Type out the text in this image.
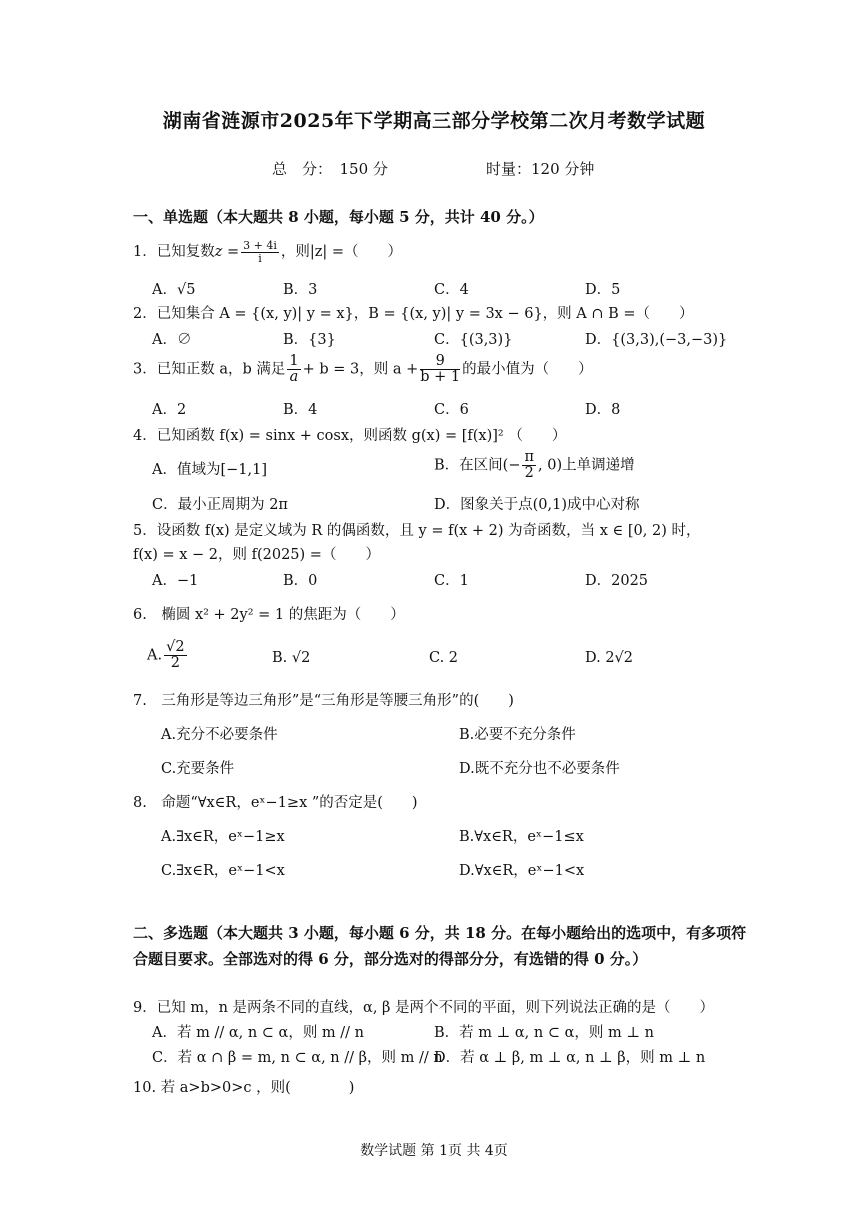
湖南省涟源市2025年下学期高三部分学校第二次月考数学试题
总　分：　150 分	时量：120 分钟
一、单选题（本大题共 8 小题，每小题 5 分，共计 40 分。）
1．已知复数$z = \frac{3 + 4i}{i}$ ，则|z| =（　　）
A．√5	B．3	C．4	D．5
2．已知集合 A = {(x, y)| y = x}，B = {(x, y)| y = 3x − 6}，则 A ∩ B =（　　）
A．∅	B．{3}	C．{(3,3)}	D．{(3,3),(−3,−3)}
3．已知正数 a，b 满足 $\frac{1}{a} + b = 3$，则 $a + \frac{9}{b + 1}$ 的最小值为（　　）
A．2	B．4	C．6	D．8
4．已知函数 f(x) = sinx + cosx，则函数 g(x) = [f(x)]² （　　）
A．值域为[−1,1]	B．在区间(− $\frac{\pi}{2}$ , 0)上单调递增
C．最小正周期为 2π	D．图象关于点(0,1)成中心对称
5．设函数 f(x) 是定义域为 R 的偶函数，且 y = f(x + 2) 为奇函数，当 x ∈ [0, 2) 时，
f(x) = x − 2，则 f(2025) =（　　）
A．−1	B．0	C．1	D．2025
6.　椭圆 x² + 2y² = 1 的焦距为（　　）
A. $\frac{√2}{2}$	B. √2	C. 2	D. 2√2
7.　三角形是等边三角形”是“三角形是等腰三角形”的(　　)
A.充分不必要条件	B.必要不充分条件
C.充要条件	D.既不充分也不必要条件
8.　命题“∀x∈R，eˣ−1≥x ”的否定是(　　)
A.∃x∈R，eˣ−1≥x	B.∀x∈R，eˣ−1≤x
C.∃x∈R，eˣ−1<x	D.∀x∈R，eˣ−1<x
二、多选题（本大题共 3 小题，每小题 6 分，共 18 分。在每小题给出的选项中，有多项符
合题目要求。全部选对的得 6 分，部分选对的得部分分，有选错的得 0 分。）
9．已知 m，n 是两条不同的直线，α, β 是两个不同的平面，则下列说法正确的是（　　）
A．若 m // α, n ⊂ α，则 m // n	B．若 m ⊥ α, n ⊂ α，则 m ⊥ n
C．若 α ∩ β = m, n ⊂ α, n // β，则 m // n
D．若 α ⊥ β, m ⊥ α, n ⊥ β，则 m ⊥ n
10. 若 a>b>0>c ，则(　　　　)
数学试题 第 1页 共 4页
